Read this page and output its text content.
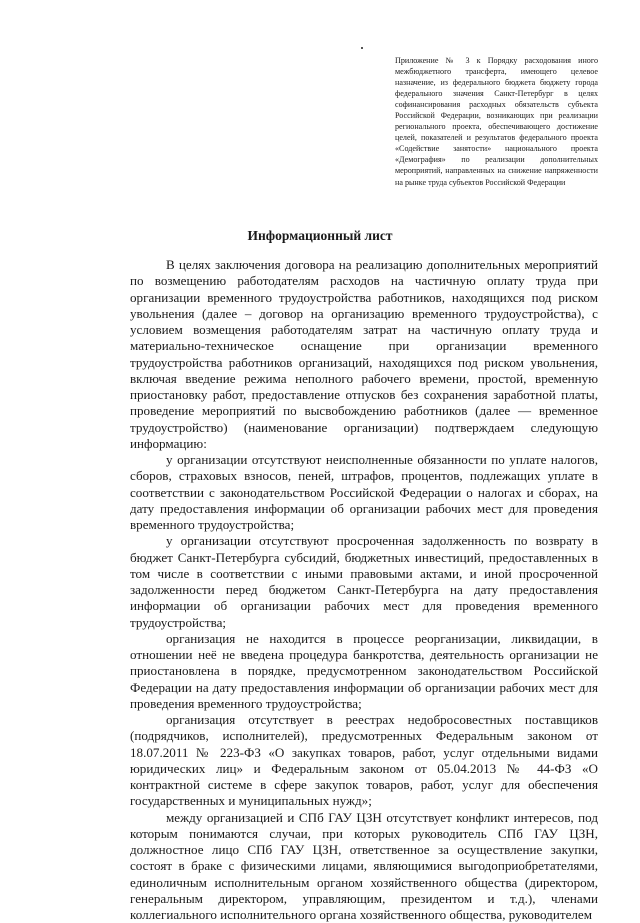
Приложение № 3 к Порядку расходования иного межбюджетного трансферта, имеющего целевое назначение, из федерального бюджета бюджету города федерального значения Санкт-Петербург в целях софинансирования расходных обязательств субъекта Российской Федерации, возникающих при реализации регионального проекта, обеспечивающего достижение целей, показателей и результатов федерального проекта «Содействие занятости» национального проекта «Демография» по реализации дополнительных мероприятий, направленных на снижение напряженности на рынке труда субъектов Российской Федерации
Информационный лист

В целях заключения договора на реализацию дополнительных мероприятий по возмещению работодателям расходов на частичную оплату труда при организации временного трудоустройства работников, находящихся под риском увольнения (далее – договор на организацию временного трудоустройства), с условием возмещения работодателям затрат на частичную оплату труда и материально-техническое оснащение при организации временного трудоустройства работников организаций, находящихся под риском увольнения, включая введение режима неполного рабочего времени, простой, временную приостановку работ, предоставление отпусков без сохранения заработной платы, проведение мероприятий по высвобождению работников (далее — временное трудоустройство) (наименование организации) подтверждаем следующую информацию:

у организации отсутствуют неисполненные обязанности по уплате налогов, сборов, страховых взносов, пеней, штрафов, процентов, подлежащих уплате в соответствии с законодательством Российской Федерации о налогах и сборах, на дату предоставления информации об организации рабочих мест для проведения временного трудоустройства;

у организации отсутствуют просроченная задолженность по возврату в бюджет Санкт-Петербурга субсидий, бюджетных инвестиций, предоставленных в том числе в соответствии с иными правовыми актами, и иной просроченной задолженности перед бюджетом Санкт-Петербурга на дату предоставления информации об организации рабочих мест для проведения временного трудоустройства;

организация не находится в процессе реорганизации, ликвидации, в отношении неё не введена процедура банкротства, деятельность организации не приостановлена в порядке, предусмотренном законодательством Российской Федерации на дату предоставления информации об организации рабочих мест для проведения временного трудоустройства;

организация отсутствует в реестрах недобросовестных поставщиков (подрядчиков, исполнителей), предусмотренных Федеральным законом от 18.07.2011 № 223-ФЗ «О закупках товаров, работ, услуг отдельными видами юридических лиц» и Федеральным законом от 05.04.2013 № 44-ФЗ «О контрактной системе в сфере закупок товаров, работ, услуг для обеспечения государственных и муниципальных нужд»;

между организацией и СПб ГАУ ЦЗН отсутствует конфликт интересов, под которым понимаются случаи, при которых руководитель СПб ГАУ ЦЗН, должностное лицо СПб ГАУ ЦЗН, ответственное за осуществление закупки, состоят в браке с физическими лицами, являющимися выгодоприобретателями, единоличным исполнительным органом хозяйственного общества (директором, генеральным директором, управляющим, президентом и т.д.), членами коллегиального исполнительного органа хозяйственного общества, руководителем
